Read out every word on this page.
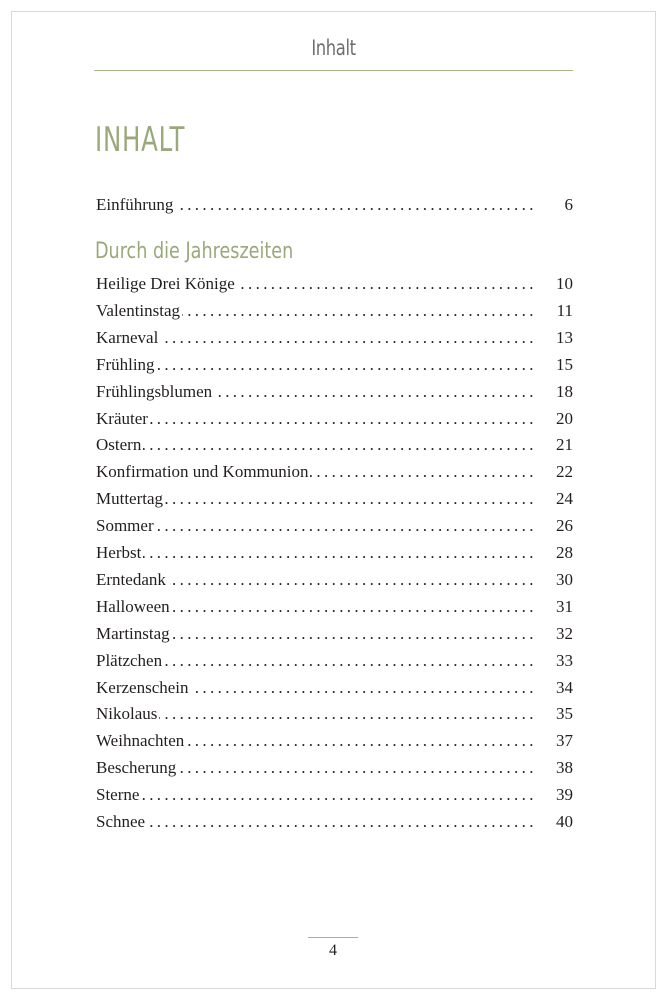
Inhalt
INHALT
Einführung .....	6
Durch die Jahreszeiten
Heilige Drei Könige .....	10
Valentinstag .....	11
Karneval .....	13
Frühling .....	15
Frühlingsblumen .....	18
Kräuter .....	20
Ostern .....	21
Konfirmation und Kommunion .....	22
Muttertag .....	24
Sommer .....	26
Herbst .....	28
Erntedank .....	30
Halloween .....	31
Martinstag .....	32
Plätzchen .....	33
Kerzenschein .....	34
Nikolaus .....	35
Weihnachten .....	37
Bescherung .....	38
Sterne .....	39
Schnee .....	40
4
